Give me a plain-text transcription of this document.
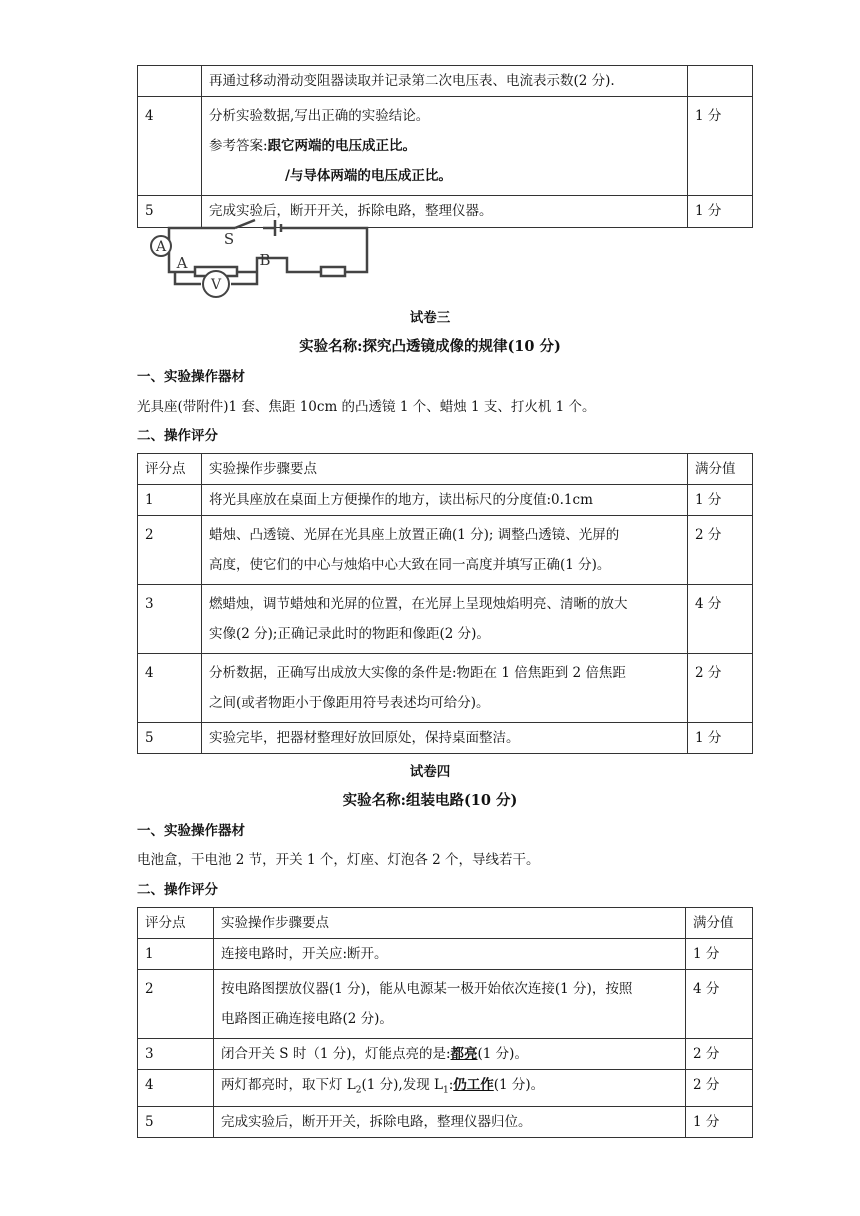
	再通过移动滑动变阻器读取并记录第二次电压表、电流表示数(2 分).	
4	分析实验数据,写出正确的实验结论。
参考答案:跟它两端的电压成正比。
/与导体两端的电压成正比。	1 分
5	完成实验后，断开开关，拆除电路，整理仪器。	1 分
A
V
S
A	B
试卷三
实验名称:探究凸透镜成像的规律(10 分)
一、实验操作器材
光具座(带附件)1 套、焦距 10cm 的凸透镜 1 个、蜡烛 1 支、打火机 1 个。
二、操作评分
评分点	实验操作步骤要点	满分值
1	将光具座放在桌面上方便操作的地方，读出标尺的分度值:0.1cm	1 分
2	蜡烛、凸透镜、光屏在光具座上放置正确(1 分); 调整凸透镜、光屏的
高度，使它们的中心与烛焰中心大致在同一高度并填写正确(1 分)。	2 分
3	燃蜡烛，调节蜡烛和光屏的位置，在光屏上呈现烛焰明亮、清晰的放大
实像(2 分);正确记录此时的物距和像距(2 分)。	4 分
4	分析数据，正确写出成放大实像的条件是:物距在 1 倍焦距到 2 倍焦距
之间(或者物距小于像距用符号表述均可给分)。	2 分
5	实验完毕，把器材整理好放回原处，保持桌面整洁。	1 分
试卷四
实验名称:组装电路(10 分)
一、实验操作器材
电池盒，干电池 2 节，开关 1 个，灯座、灯泡各 2 个，导线若干。
二、操作评分
评分点	实验操作步骤要点	满分值
1	连接电路时，开关应:断开。	1 分
2	按电路图摆放仪器(1 分)，能从电源某一极开始依次连接(1 分)，按照
电路图正确连接电路(2 分)。	4 分
3	闭合开关 S 时（1 分)，灯能点亮的是:都亮(1 分)。	2 分
4	两灯都亮时，取下灯 $L_2(1$ 分),发现 $L_1$:仍工作(1 分)。	2 分
5	完成实验后，断开开关，拆除电路，整理仪器归位。	1 分
